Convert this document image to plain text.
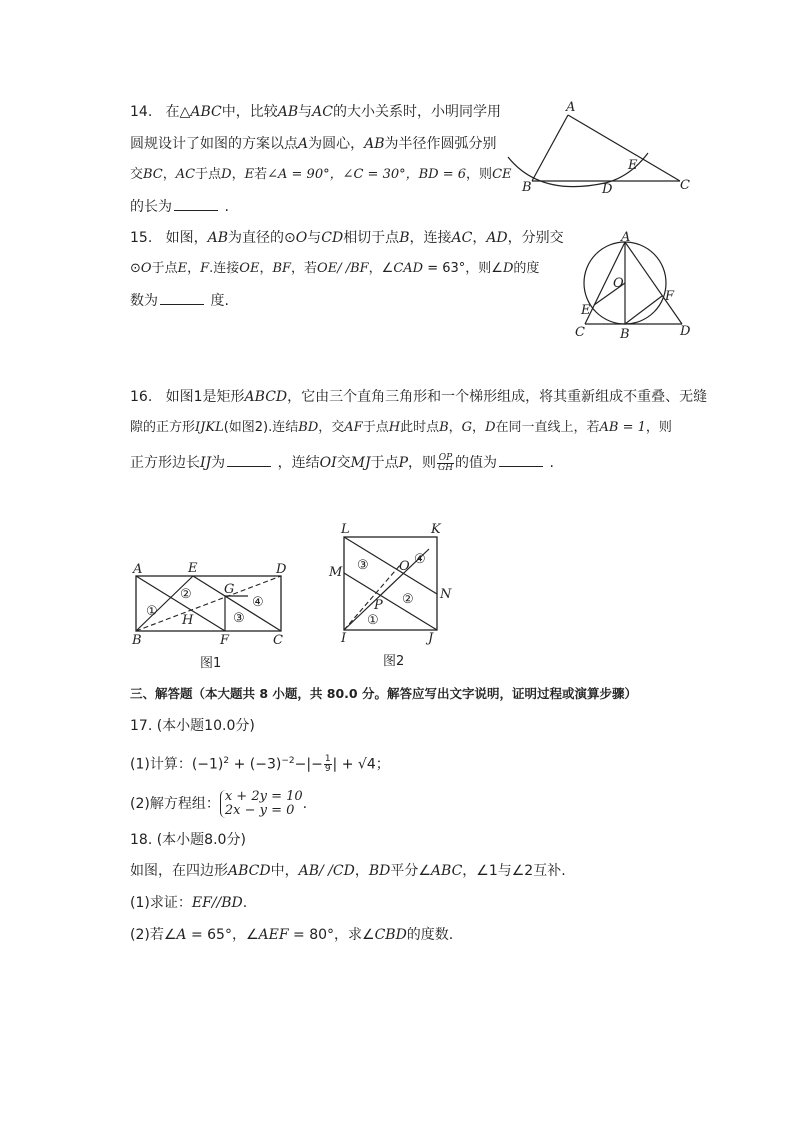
14. 在△ABC中，比较AB与AC的大小关系时，小明同学用
圆规设计了如图的方案以点A为圆心，AB为半径作圆弧分别
交BC，AC于点D，E若∠A = 90°，∠C = 30°，BD = 6，则CE
的长为	.
A
E
B	D	C
15. 如图，AB为直径的⊙O与CD相切于点B，连接AC，AD，分别交
⊙O于点E，F.连接OE，BF，若OE/ /BF，∠CAD = 63°，则∠D的度
数为	度.
A
O
E
F
C	B	D
16. 如图1是矩形ABCD，它由三个直角三角形和一个梯形组成，将其重新组成不重叠、无缝
隙的正方形IJKL(如图2).连结BD，交AF于点H此时点B，G，D在同一直线上，若AB = 1，则
正方形边长IJ为	，连结OI交MJ于点P，则 $\frac{OP}{GH}$ 的值为	.
A	E	D
G
H
B	F	C
①
②
③
④
图1
L	K
M	O
N
P
I	J
③	④
②
①
图2
三、解答题（本大题共 8 小题，共 80.0 分。解答应写出文字说明，证明过程或演算步骤）
17. (本小题10.0分)
(1)计算：$(-1)^2 + (-3)^{-2}-|- \frac{1}{9}$ | + √4；
(2)解方程组： x + 2y = 10
2x − y = 0 .
18. (本小题8.0分)
如图，在四边形ABCD中，AB/ /CD，BD平分∠ABC，∠1与∠2互补.
(1)求证：EF//BD.
(2)若∠A = 65°，∠AEF = 80°，求∠CBD的度数.
